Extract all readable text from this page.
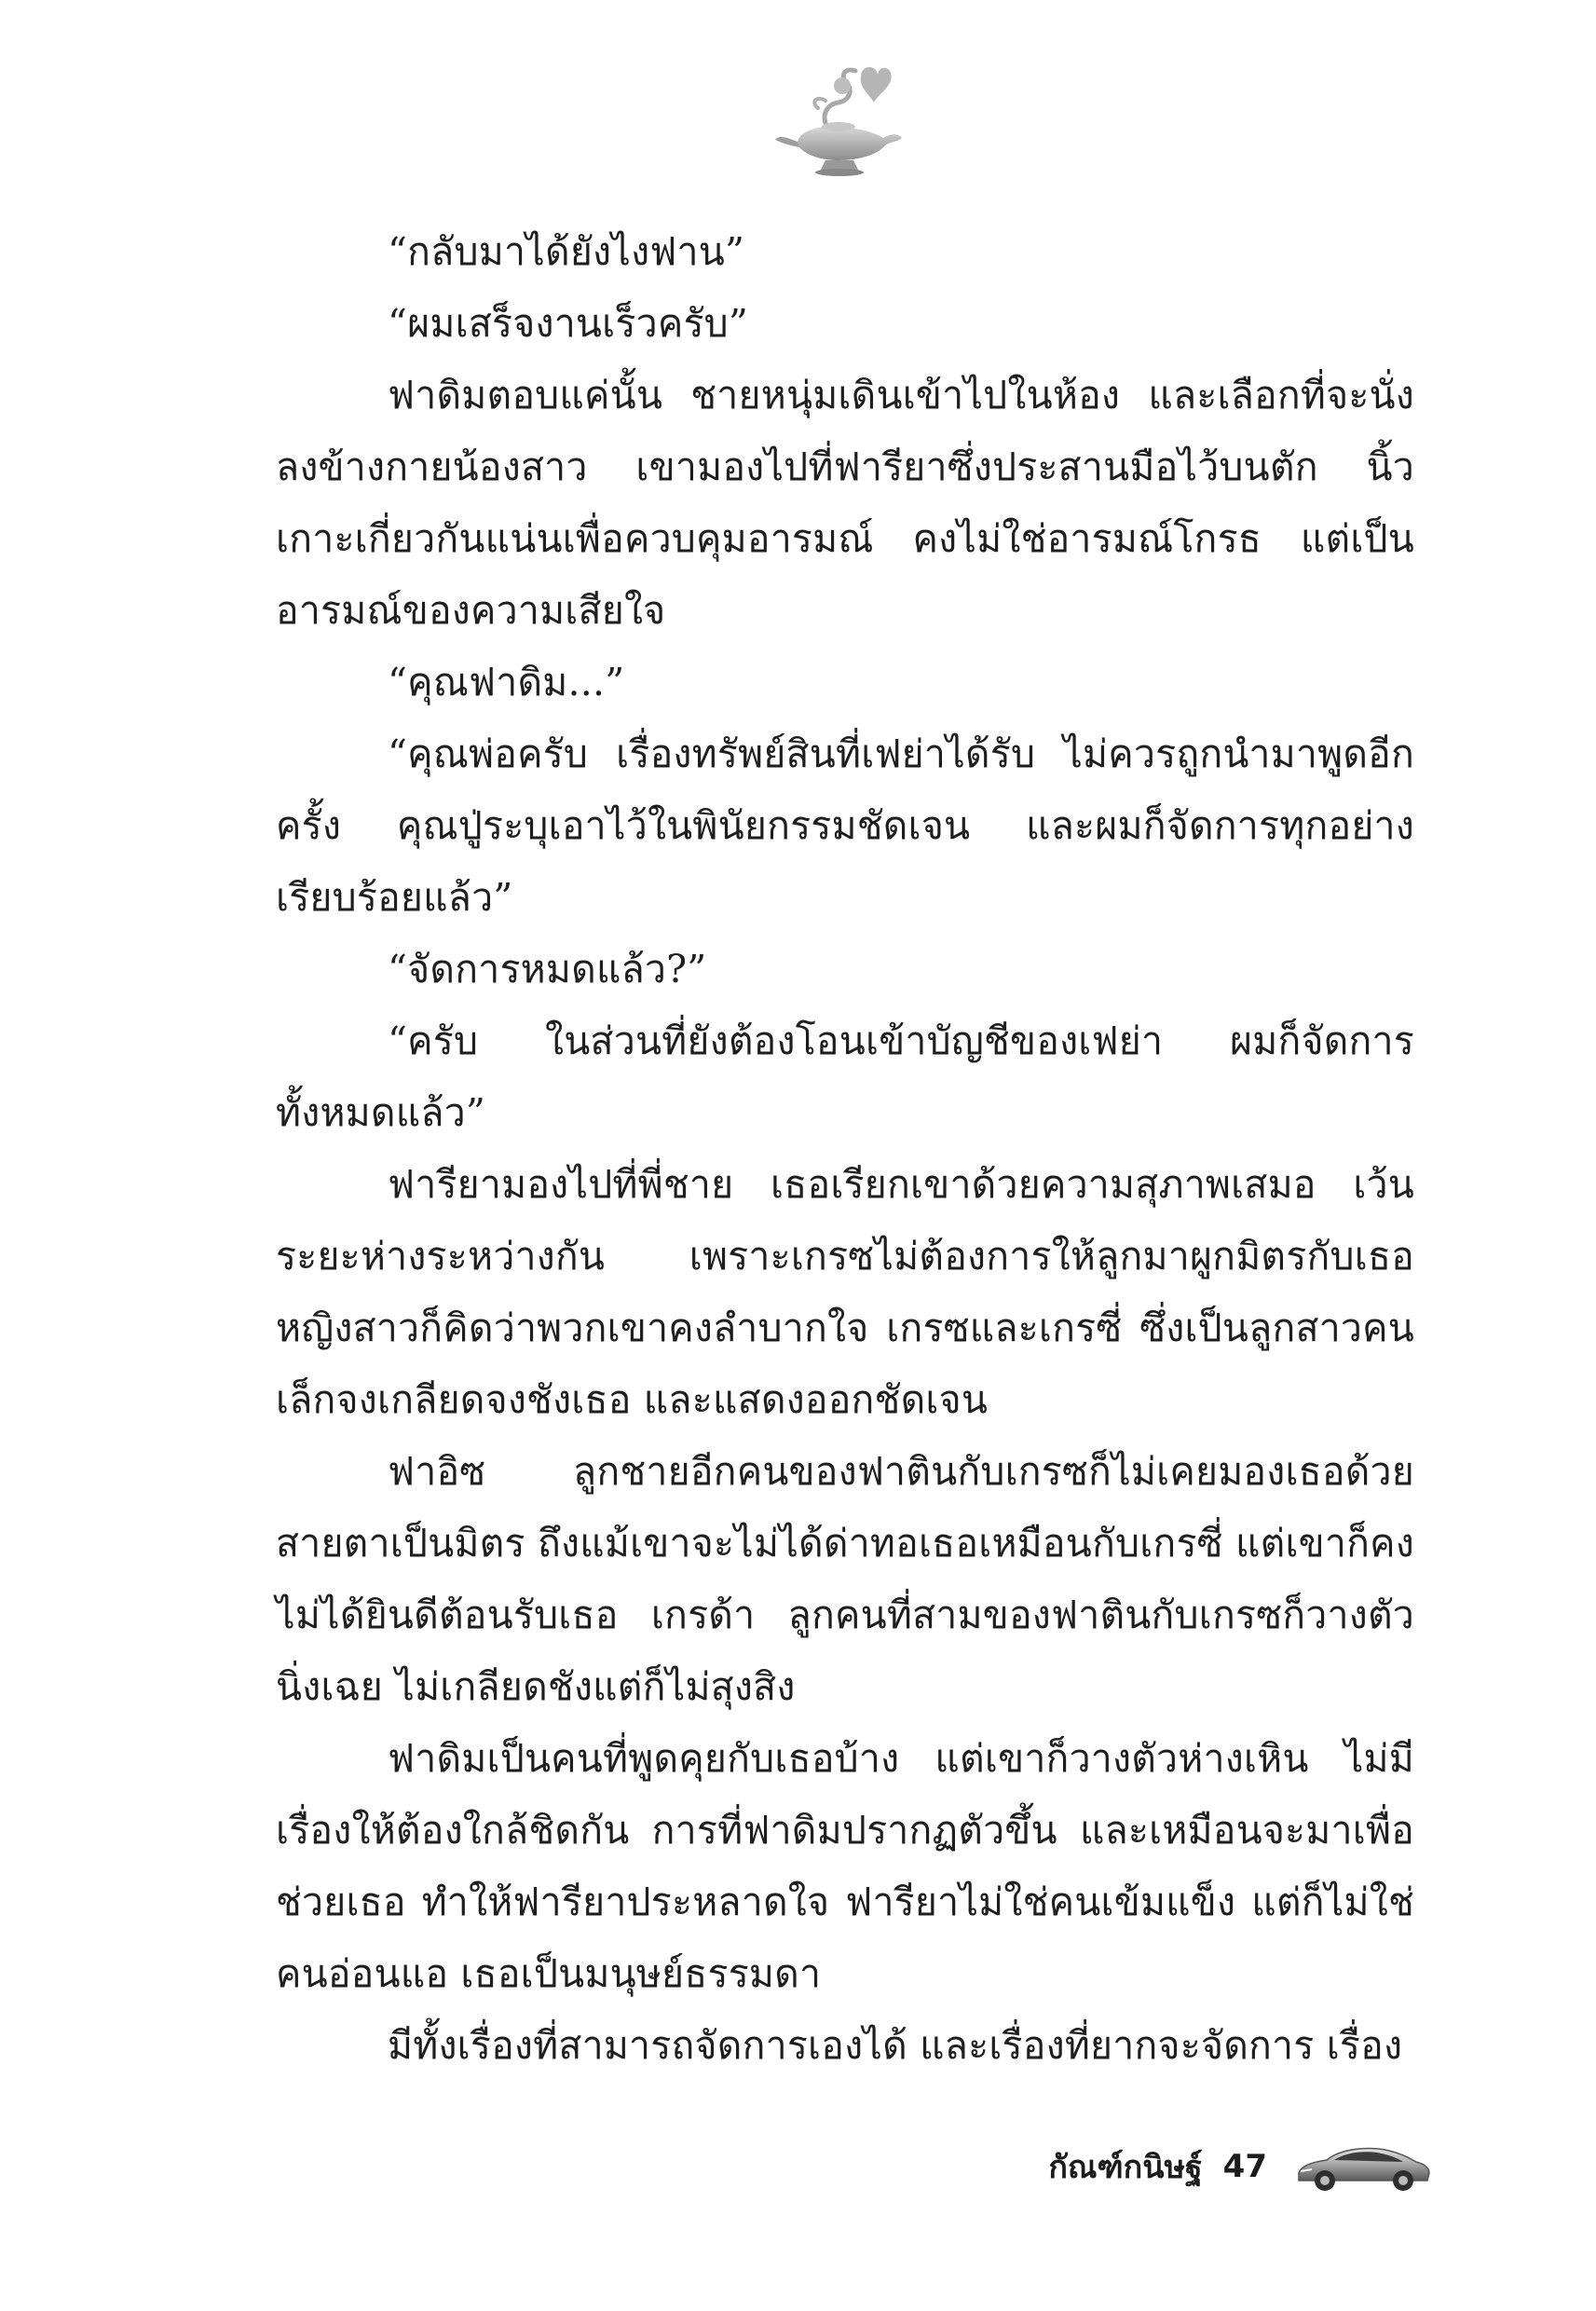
“กลับมาได้ยังไงฟาน”

“ผมเสร็จงานเร็วครับ”

ฟาดิมตอบแค่นั้น ชายหนุ่มเดินเข้าไปในห้อง และเลือกที่จะนั่งลงข้างกายน้องสาว เขามองไปที่ฟารียาซึ่งประสานมือไว้บนตัก นิ้วเกาะเกี่ยวกันแน่นเพื่อควบคุมอารมณ์ คงไม่ใช่อารมณ์โกรธ แต่เป็นอารมณ์ของความเสียใจ

“คุณฟาดิม...”

“คุณพ่อครับ เรื่องทรัพย์สินที่เฟย่าได้รับ ไม่ควรถูกนำมาพูดอีกครั้ง คุณปู่ระบุเอาไว้ในพินัยกรรมชัดเจน และผมก็จัดการทุกอย่างเรียบร้อยแล้ว”

“จัดการหมดแล้ว?”

“ครับ ในส่วนที่ยังต้องโอนเข้าบัญชีของเฟย่า ผมก็จัดการทั้งหมดแล้ว”

ฟารียามองไปที่พี่ชาย เธอเรียกเขาด้วยความสุภาพเสมอ เว้นระยะห่างระหว่างกัน เพราะเกรซไม่ต้องการให้ลูกมาผูกมิตรกับเธอ หญิงสาวก็คิดว่าพวกเขาคงลำบากใจ เกรซและเกรซี่ ซึ่งเป็นลูกสาวคนเล็กจงเกลียดจงชังเธอ และแสดงออกชัดเจน

ฟาอิซ ลูกชายอีกคนของฟาตินกับเกรซก็ไม่เคยมองเธอด้วยสายตาเป็นมิตร ถึงแม้เขาจะไม่ได้ด่าทอเธอเหมือนกับเกรซี่ แต่เขาก็คงไม่ได้ยินดีต้อนรับเธอ เกรด้า ลูกคนที่สามของฟาตินกับเกรซก็วางตัวนิ่งเฉย ไม่เกลียดชังแต่ก็ไม่สุงสิง

ฟาดิมเป็นคนที่พูดคุยกับเธอบ้าง แต่เขาก็วางตัวห่างเหิน ไม่มีเรื่องให้ต้องใกล้ชิดกัน การที่ฟาดิมปรากฏตัวขึ้น และเหมือนจะมาเพื่อช่วยเธอ ทำให้ฟารียาประหลาดใจ ฟารียาไม่ใช่คนเข้มแข็ง แต่ก็ไม่ใช่คนอ่อนแอ เธอเป็นมนุษย์ธรรมดา

มีทั้งเรื่องที่สามารถจัดการเองได้ และเรื่องที่ยากจะจัดการ เรื่อง

กัณฑ์กนิษฐ์ 47
